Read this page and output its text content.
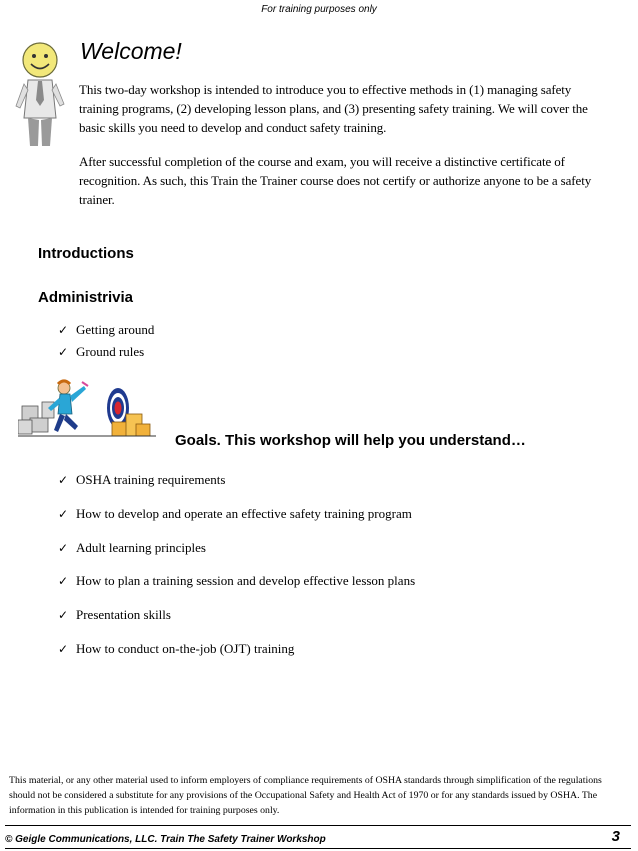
For training purposes only
Welcome!
This two-day workshop is intended to introduce you to effective methods in (1) managing safety training programs, (2) developing lesson plans, and (3) presenting safety training. We will cover the basic skills you need to develop and conduct safety training.
After successful completion of the course and exam, you will receive a distinctive certificate of recognition. As such, this Train the Trainer course does not certify or authorize anyone to be a safety trainer.
Introductions
Administrivia
✓ Getting around
✓ Ground rules
Goals. This workshop will help you understand…
✓ OSHA training requirements
✓ How to develop and operate an effective safety training program
✓ Adult learning principles
✓ How to plan a training session and develop effective lesson plans
✓ Presentation skills
✓ How to conduct on-the-job (OJT) training
This material, or any other material used to inform employers of compliance requirements of OSHA standards through simplification of the regulations should not be considered a substitute for any provisions of the Occupational Safety and Health Act of 1970 or for any standards issued by OSHA. The information in this publication is intended for training purposes only.
© Geigle Communications, LLC. Train The Safety Trainer Workshop	3
